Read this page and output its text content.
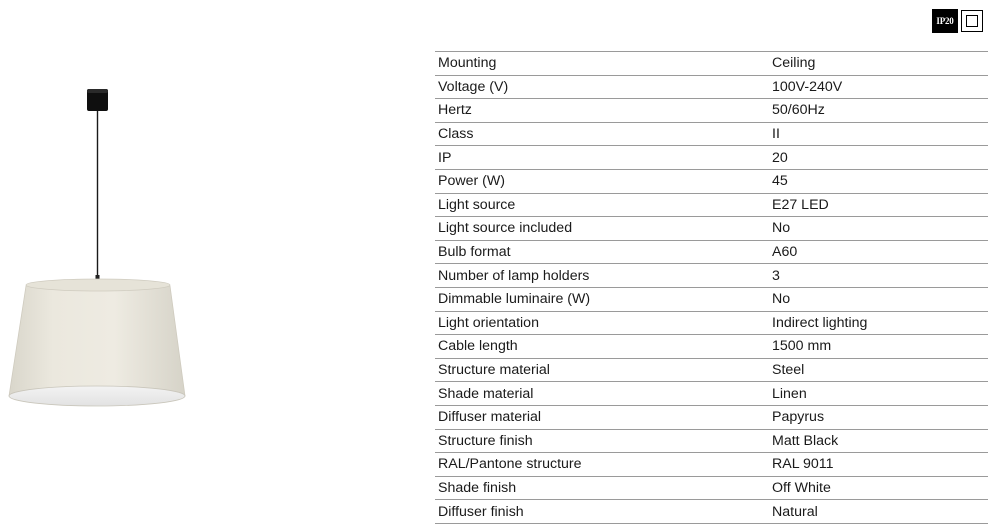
IP20
Mounting	Ceiling
Voltage (V)	100V-240V
Hertz	50/60Hz
Class	II
IP	20
Power (W)	45
Light source	E27 LED
Light source included	No
Bulb format	A60
Number of lamp holders	3
Dimmable luminaire (W)	No
Light orientation	Indirect lighting
Cable length	1500 mm
Structure material	Steel
Shade material	Linen
Diffuser material	Papyrus
Structure finish	Matt Black
RAL/Pantone structure	RAL 9011
Shade finish	Off White
Diffuser finish	Natural
